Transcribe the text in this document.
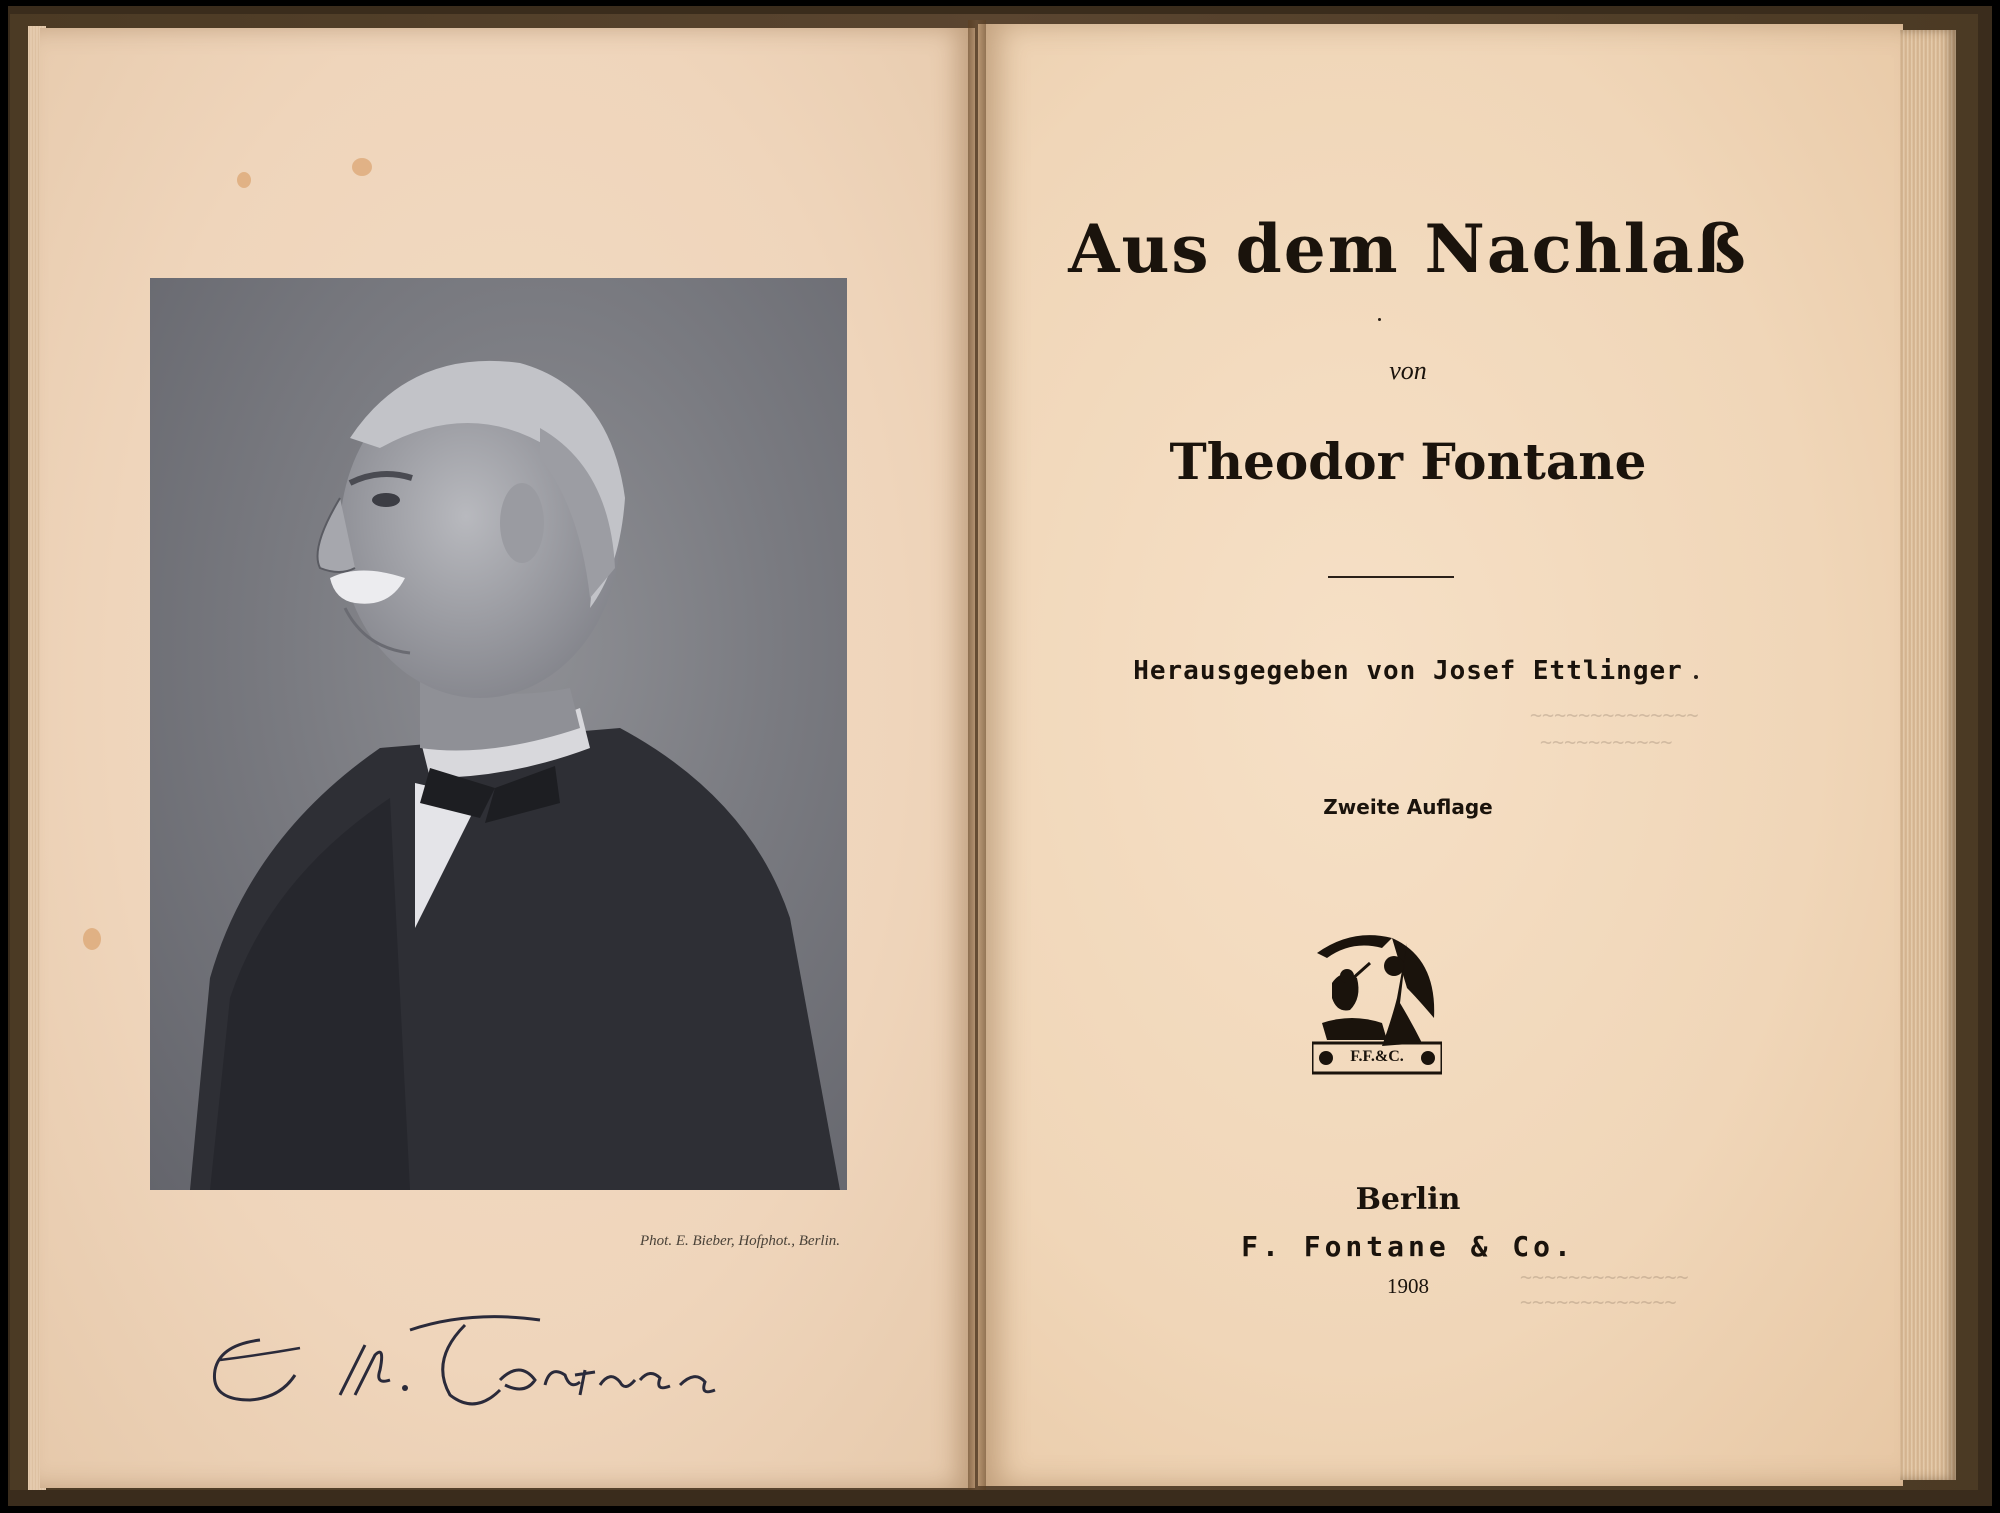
Phot. E. Bieber, Hofphot., Berlin.
Aus dem Nachlaß
von
Theodor Fontane
Herausgegeben von Josef Ettlinger
Zweite Auflage
Berlin
F. Fontane & Co.
1908
~~~~~~~~~~~~~~
~~~~~~~~~~~
~~~~~~~~~~~~~~
~~~~~~~~~~~~~
F.F.&C.
